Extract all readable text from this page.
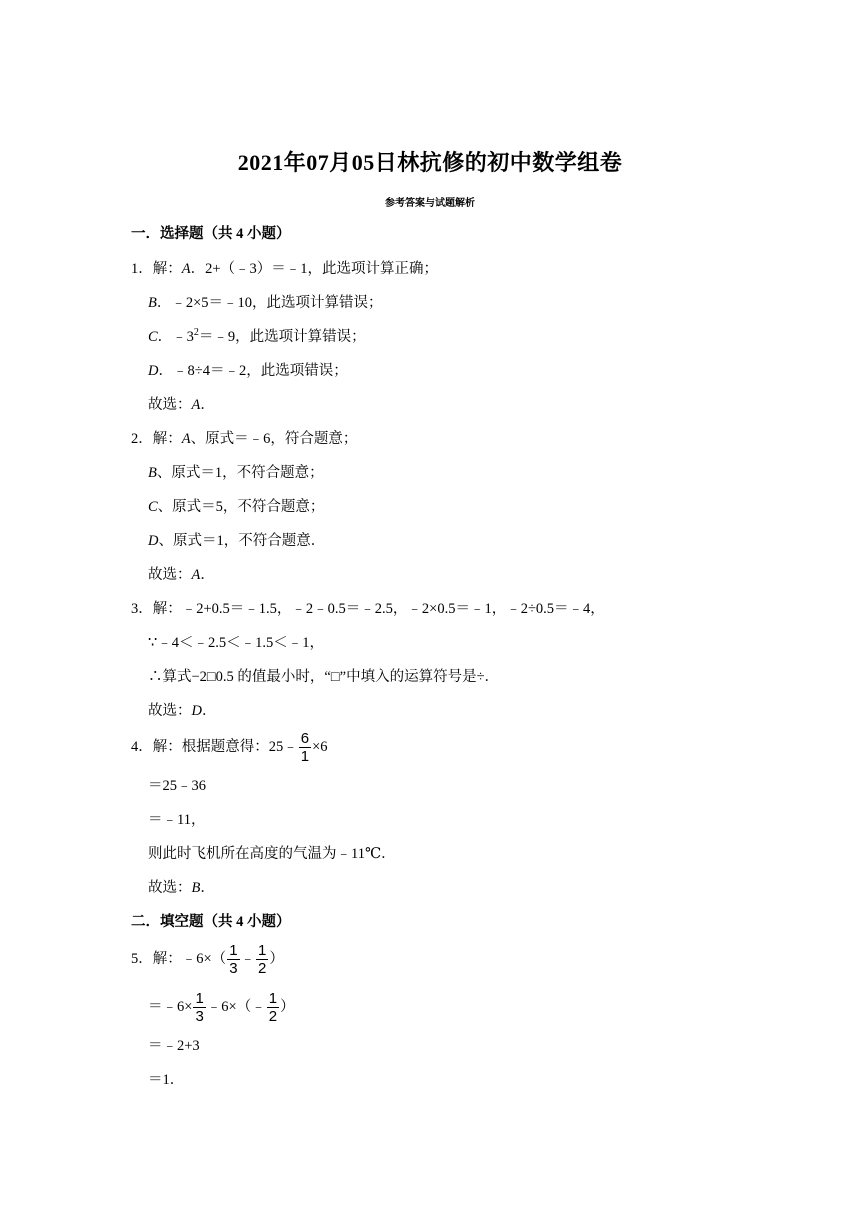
2021年07月05日林抗修的初中数学组卷
参考答案与试题解析
一．选择题（共 4 小题）
1．解：A．2+（﹣3）＝﹣1，此选项计算正确；
B．﹣2×5＝﹣10，此选项计算错误；
C．$﹣3^2=﹣9$，此选项计算错误；
D．﹣8÷4＝﹣2，此选项错误；
故选：A．
2．解：A、原式＝﹣6，符合题意；
B、原式＝1，不符合题意；
C、原式＝5，不符合题意；
D、原式＝1，不符合题意．
故选：A．
3．解：﹣2+0.5＝﹣1.5，﹣2﹣0.5＝﹣2.5，﹣2×0.5＝﹣1，﹣2÷0.5＝﹣4，
∵﹣4＜﹣2.5＜﹣1.5＜﹣1，
∴算式−2□0.5 的值最小时，“□”中填入的运算符号是÷．
故选：D．
4．解：根据题意得：25﹣ $\frac{6}{1} \times 6$
＝25﹣36
＝﹣11，
则此时飞机所在高度的气温为﹣11℃．
故选：B．
二．填空题（共 4 小题）
5．解：﹣6×（ $\frac{1}{3}$ ﹣ $\frac{1}{2}$ ）
＝﹣6× $\frac{1}{3}$ ﹣6×（﹣ $\frac{1}{2}$ ）
＝﹣2+3
＝1．
